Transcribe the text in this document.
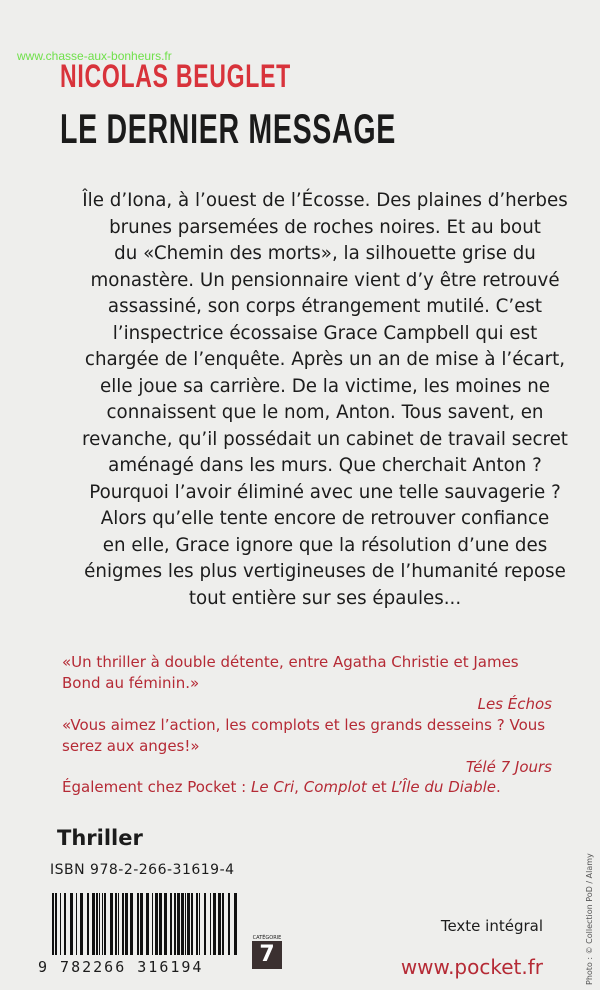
www.chasse-aux-bonheurs.fr
NICOLAS BEUGLET
LE DERNIER MESSAGE
Île d’Iona, à l’ouest de l’Écosse. Des plaines d’herbes
brunes parsemées de roches noires. Et au bout
du «Chemin des morts», la silhouette grise du
monastère. Un pensionnaire vient d’y être retrouvé
assassiné, son corps étrangement mutilé. C’est
l’inspectrice écossaise Grace Campbell qui est
chargée de l’enquête. Après un an de mise à l’écart,
elle joue sa carrière. De la victime, les moines ne
connaissent que le nom, Anton. Tous savent, en
revanche, qu’il possédait un cabinet de travail secret
aménagé dans les murs. Que cherchait Anton ?
Pourquoi l’avoir éliminé avec une telle sauvagerie ?
Alors qu’elle tente encore de retrouver confiance
en elle, Grace ignore que la résolution d’une des
énigmes les plus vertigineuses de l’humanité repose
tout entière sur ses épaules...
«Un thriller à double détente, entre Agatha Christie et James Bond au féminin.»
Les Échos
«Vous aimez l’action, les complots et les grands desseins ? Vous serez aux anges!»
Télé 7 Jours
Également chez Pocket : Le Cri, Complot et L’Île du Diable.
Thriller
ISBN 978-2-266-31619-4
9 782266 316194
CATÉGORIE
7
Texte intégral
www.pocket.fr	Photo : © Collection PoD / Alamy
